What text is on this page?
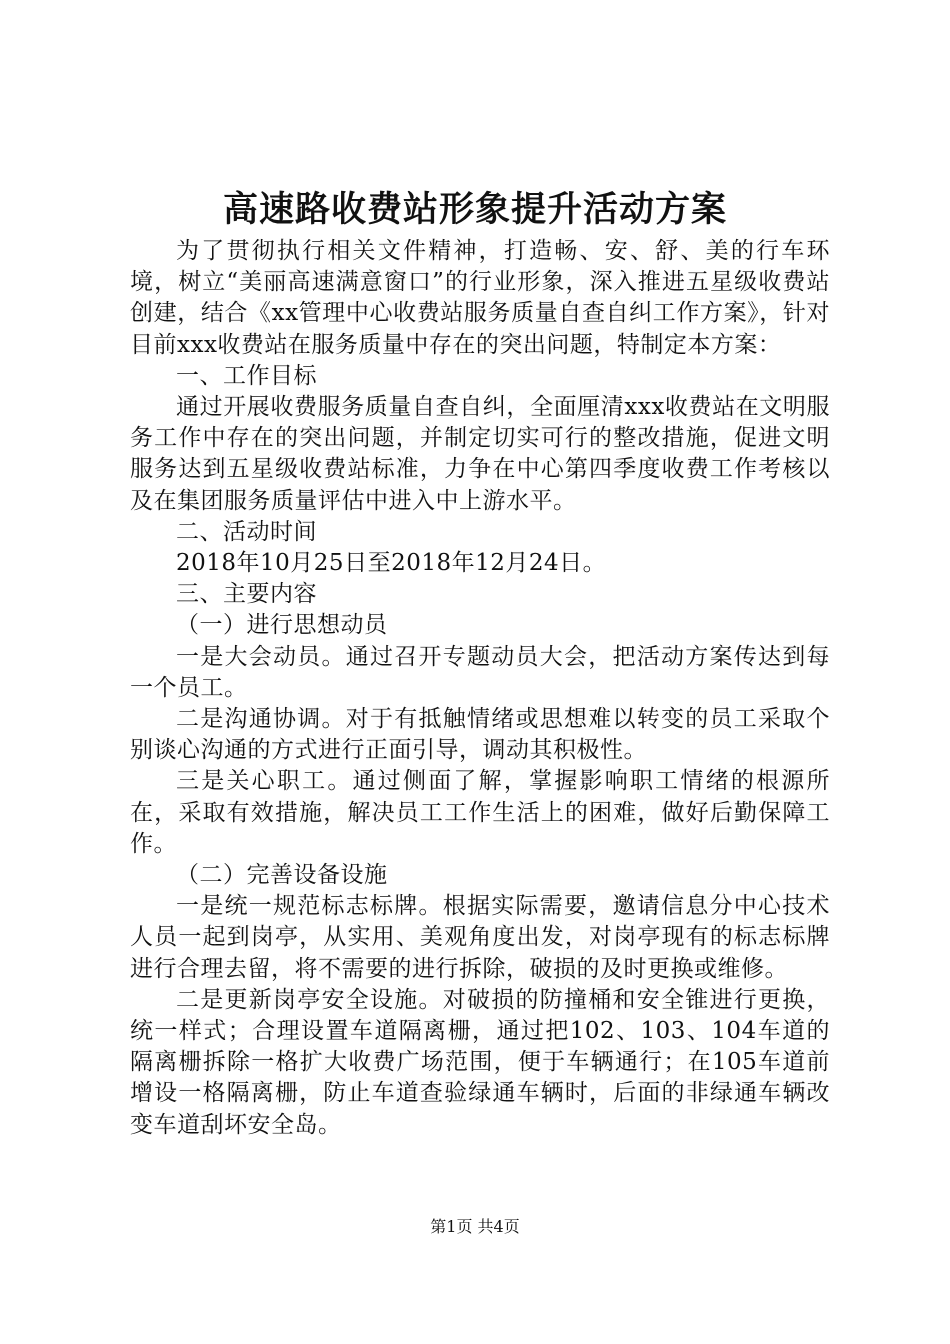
高速路收费站形象提升活动方案

为了贯彻执行相关文件精神，打造畅、安、舒、美的行车环境，树立“美丽高速满意窗口”的行业形象，深入推进五星级收费站创建，结合《xx管理中心收费站服务质量自查自纠工作方案》，针对目前xxx收费站在服务质量中存在的突出问题，特制定本方案：

一、工作目标

通过开展收费服务质量自查自纠，全面厘清xxx收费站在文明服务工作中存在的突出问题，并制定切实可行的整改措施，促进文明服务达到五星级收费站标准，力争在中心第四季度收费工作考核以及在集团服务质量评估中进入中上游水平。

二、活动时间

2018年10月25日至2018年12月24日。

三、主要内容

（一）进行思想动员

一是大会动员。通过召开专题动员大会，把活动方案传达到每一个员工。

二是沟通协调。对于有抵触情绪或思想难以转变的员工采取个别谈心沟通的方式进行正面引导，调动其积极性。

三是关心职工。通过侧面了解，掌握影响职工情绪的根源所在，采取有效措施，解决员工工作生活上的困难，做好后勤保障工作。

（二）完善设备设施

一是统一规范标志标牌。根据实际需要，邀请信息分中心技术人员一起到岗亭，从实用、美观角度出发，对岗亭现有的标志标牌进行合理去留，将不需要的进行拆除，破损的及时更换或维修。

二是更新岗亭安全设施。对破损的防撞桶和安全锥进行更换，统一样式；合理设置车道隔离栅，通过把102、103、104车道的隔离栅拆除一格扩大收费广场范围，便于车辆通行；在105车道前增设一格隔离栅，防止车道查验绿通车辆时，后面的非绿通车辆改变车道刮坏安全岛。

第1页 共4页
